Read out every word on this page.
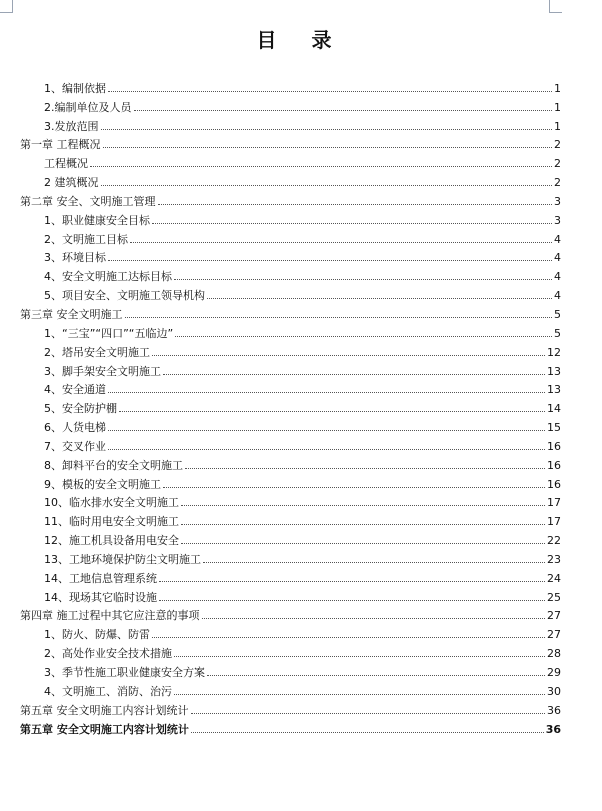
目 录
1、编制依据	1
2.编制单位及人员	1
3.发放范围	1
第一章 工程概况	2
工程概况	2
2 建筑概况	2
第二章 安全、文明施工管理	3
1、职业健康安全目标	3
2、文明施工目标	4
3、环境目标	4
4、安全文明施工达标目标	4
5、项目安全、文明施工领导机构	4
第三章 安全文明施工	5
1、“三宝”“四口”“五临边”	5
2、塔吊安全文明施工	12
3、脚手架安全文明施工	13
4、安全通道	13
5、安全防护棚	14
6、人货电梯	15
7、交叉作业	16
8、卸料平台的安全文明施工	16
9、模板的安全文明施工	16
10、临水排水安全文明施工	17
11、临时用电安全文明施工	17
12、施工机具设备用电安全	22
13、工地环境保护防尘文明施工	23
14、工地信息管理系统	24
14、现场其它临时设施	25
第四章 施工过程中其它应注意的事项	27
1、防火、防爆、防雷	27
2、高处作业安全技术措施	28
3、季节性施工职业健康安全方案	29
4、文明施工、消防、治污	30
第五章 安全文明施工内容计划统计	36
第五章 安全文明施工内容计划统计	36
